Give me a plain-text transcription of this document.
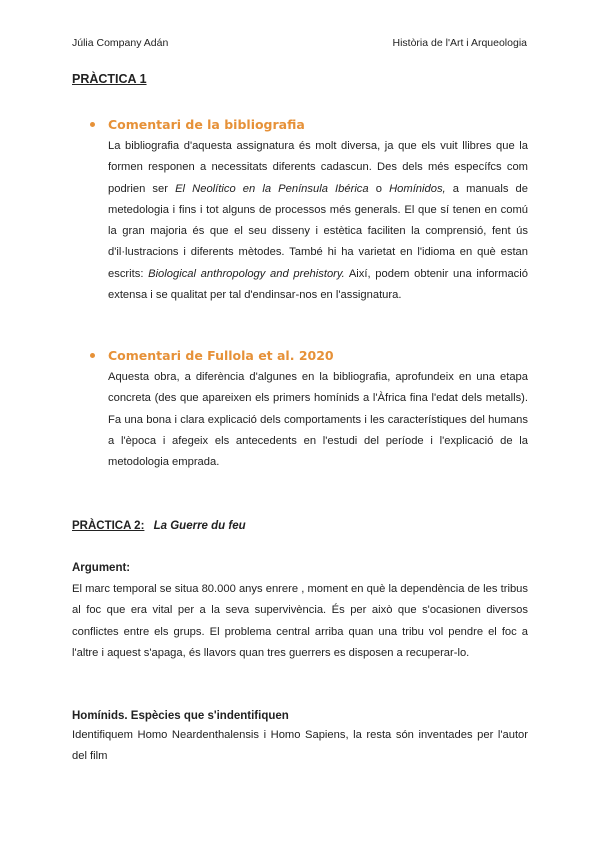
Júlia Company Adán	Història de l'Art i Arqueologia
PRÀCTICA 1
Comentari de la bibliografia
La bibliografia d'aquesta assignatura és molt diversa, ja que els vuit llibres que la formen responen a necessitats diferents cadascun. Des dels més específcs com podrien ser El Neolítico en la Península Ibérica o Homínidos, a manuals de metedologia i fins i tot alguns de processos més generals. El que sí tenen en comú la gran majoria és que el seu disseny i estètica faciliten la comprensió, fent ús d'il·lustracions i diferents mètodes. També hi ha varietat en l'idioma en què estan escrits: Biological anthropology and prehistory. Així, podem obtenir una informació extensa i se qualitat per tal d'endinsar-nos en l'assignatura.
Comentari de Fullola et al. 2020
Aquesta obra, a diferència d'algunes en la bibliografia, aprofundeix en una etapa concreta (des que apareixen els primers homínids a l'Àfrica fina l'edat dels metalls). Fa una bona i clara explicació dels comportaments i les característiques del humans a l'època i afegeix els antecedents en l'estudi del període i l'explicació de la metodologia emprada.
PRÀCTICA 2: La Guerre du feu
Argument:
El marc temporal se situa 80.000 anys enrere , moment en què la dependència de les tribus al foc que era vital per a la seva supervivència. És per això que s'ocasionen diversos conflictes entre els grups. El problema central arriba quan una tribu vol pendre el foc a l'altre i aquest s'apaga, és llavors quan tres guerrers es disposen a recuperar-lo.
Homínids. Espècies que s'indentifiquen
Identifiquem Homo Neardenthalensis i Homo Sapiens, la resta són inventades per l'autor del film
